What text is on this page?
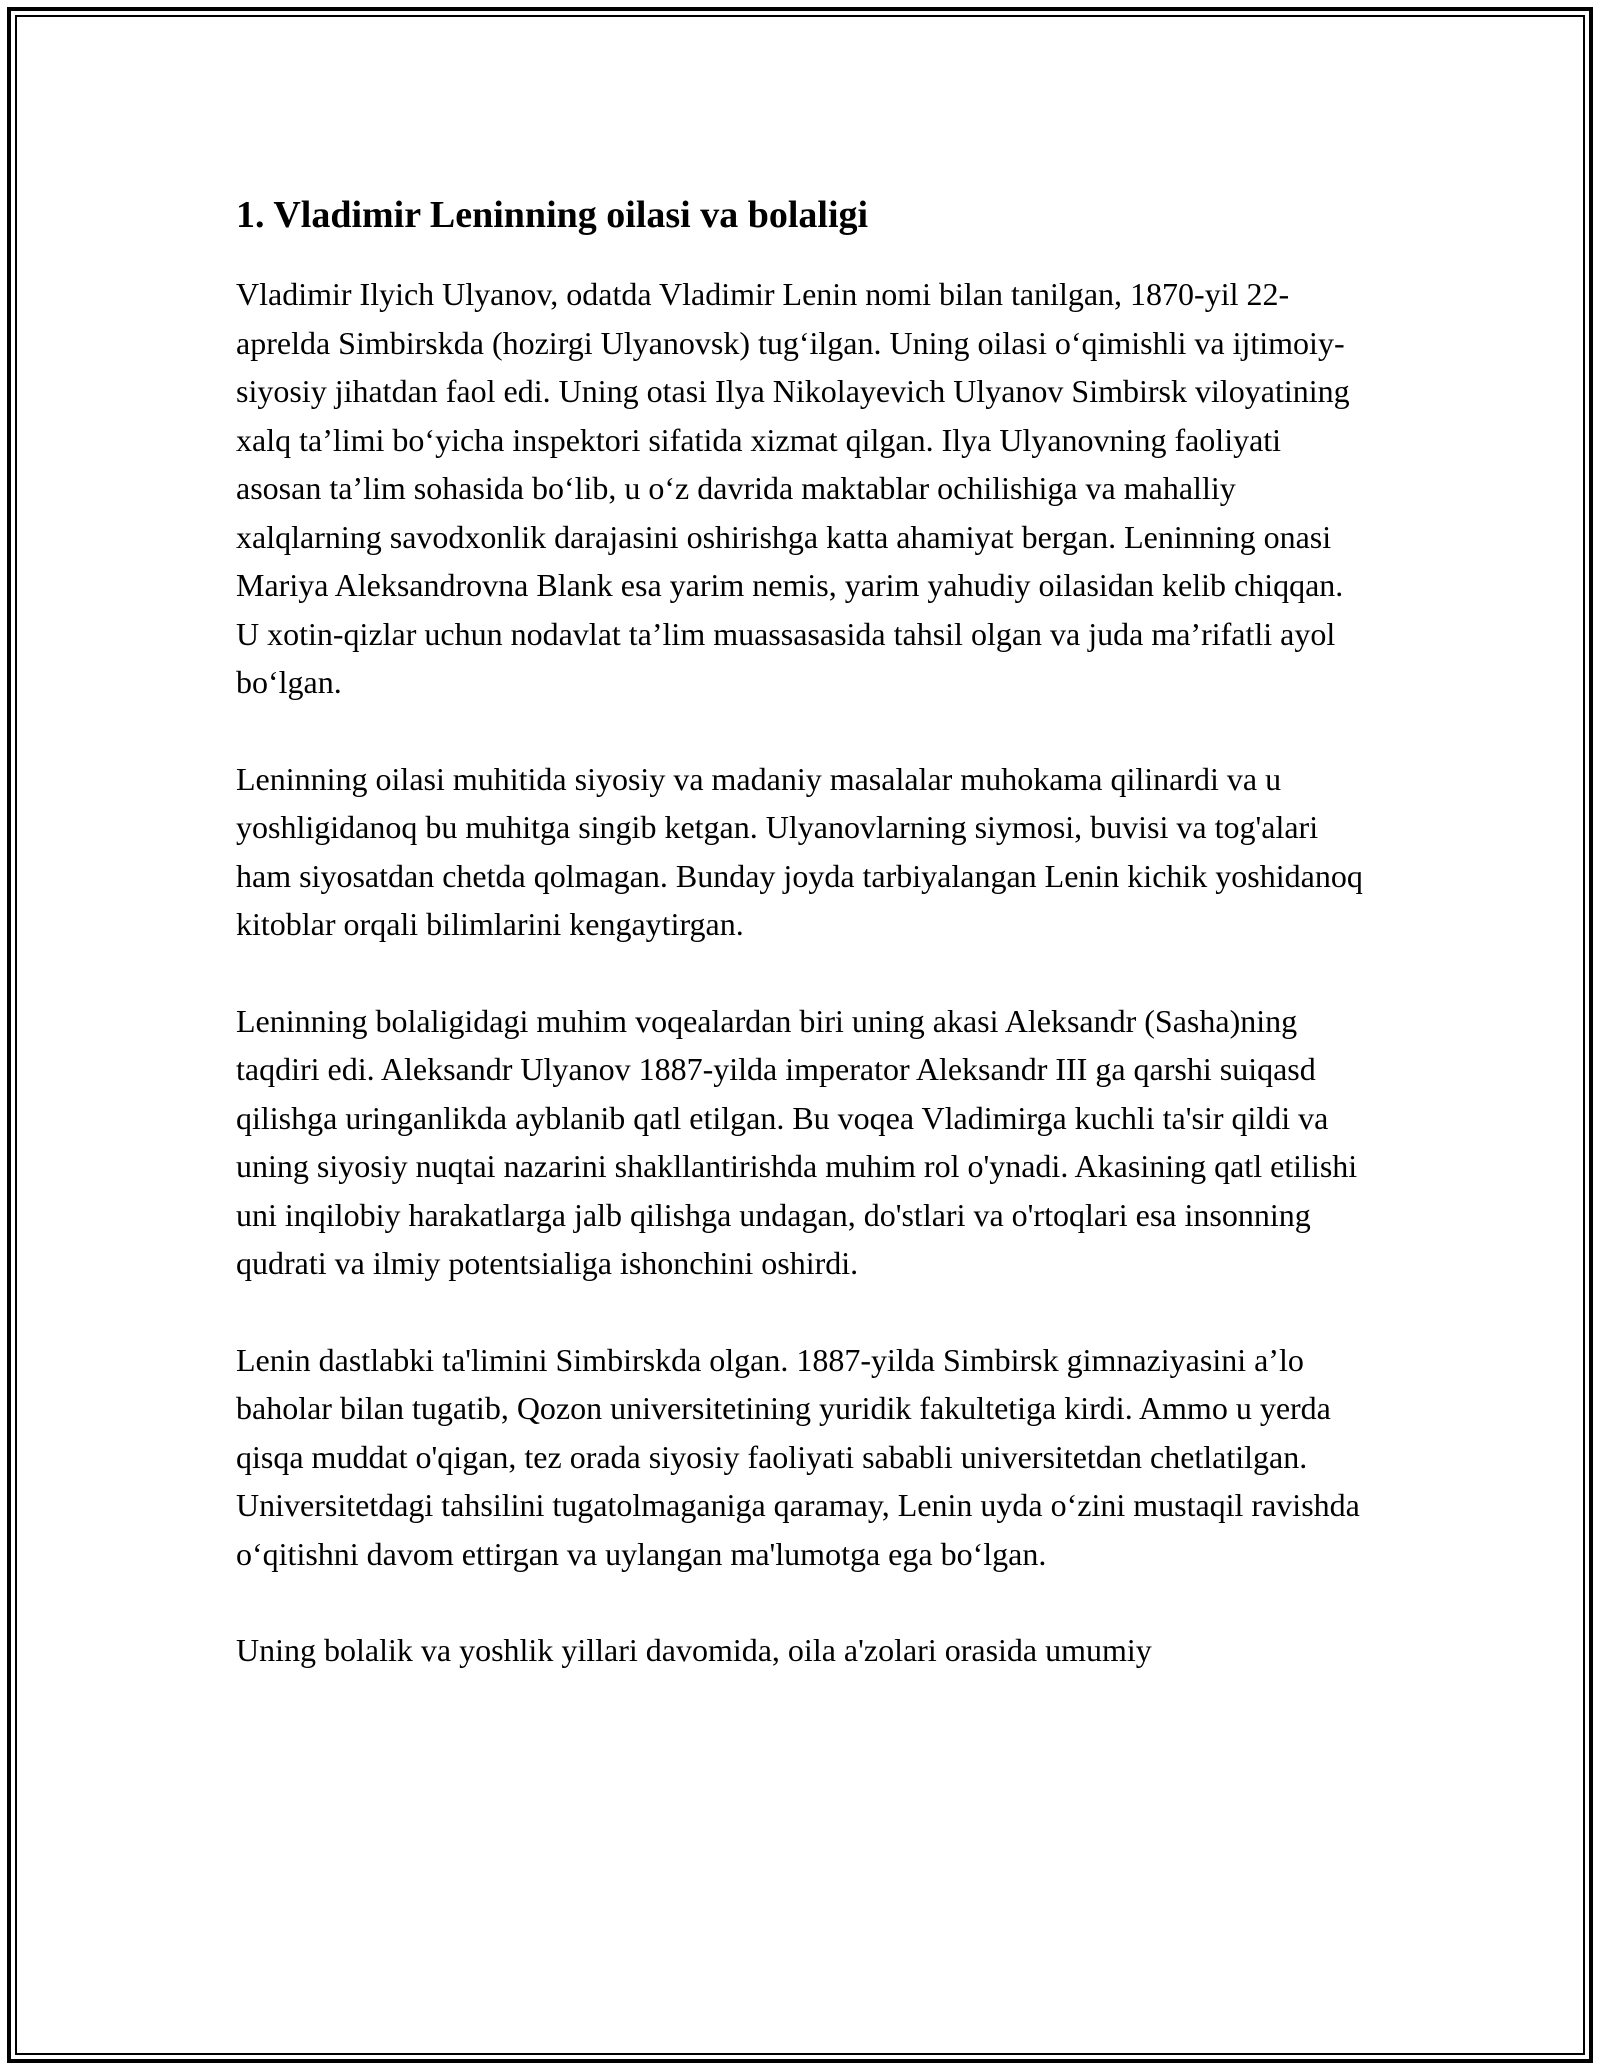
1. Vladimir Leninning oilasi va bolaligi

Vladimir Ilyich Ulyanov, odatda Vladimir Lenin nomi bilan tanilgan, 1870-yil 22-aprelda Simbirskda (hozirgi Ulyanovsk) tug‘ilgan. Uning oilasi o‘qimishli va ijtimoiy-siyosiy jihatdan faol edi. Uning otasi Ilya Nikolayevich Ulyanov Simbirsk viloyatining xalq ta’limi bo‘yicha inspektori sifatida xizmat qilgan. Ilya Ulyanovning faoliyati asosan ta’lim sohasida bo‘lib, u o‘z davrida maktablar ochilishiga va mahalliy xalqlarning savodxonlik darajasini oshirishga katta ahamiyat bergan. Leninning onasi Mariya Aleksandrovna Blank esa yarim nemis, yarim yahudiy oilasidan kelib chiqqan. U xotin-qizlar uchun nodavlat ta’lim muassasasida tahsil olgan va juda ma’rifatli ayol bo‘lgan.

Leninning oilasi muhitida siyosiy va madaniy masalalar muhokama qilinardi va u yoshligidanoq bu muhitga singib ketgan. Ulyanovlarning siymosi, buvisi va tog'alari ham siyosatdan chetda qolmagan. Bunday joyda tarbiyalangan Lenin kichik yoshidanoq kitoblar orqali bilimlarini kengaytirgan.

Leninning bolaligidagi muhim voqealardan biri uning akasi Aleksandr (Sasha)ning taqdiri edi. Aleksandr Ulyanov 1887-yilda imperator Aleksandr III ga qarshi suiqasd qilishga uringanlikda ayblanib qatl etilgan. Bu voqea Vladimirga kuchli ta'sir qildi va uning siyosiy nuqtai nazarini shakllantirishda muhim rol o'ynadi. Akasining qatl etilishi uni inqilobiy harakatlarga jalb qilishga undagan, do'stlari va o'rtoqlari esa insonning qudrati va ilmiy potentsialiga ishonchini oshirdi.

Lenin dastlabki ta'limini Simbirskda olgan. 1887-yilda Simbirsk gimnaziyasini a’lo baholar bilan tugatib, Qozon universitetining yuridik fakultetiga kirdi. Ammo u yerda qisqa muddat o'qigan, tez orada siyosiy faoliyati sababli universitetdan chetlatilgan. Universitetdagi tahsilini tugatolmaganiga qaramay, Lenin uyda o‘zini mustaqil ravishda o‘qitishni davom ettirgan va uylangan ma'lumotga ega bo‘lgan.

Uning bolalik va yoshlik yillari davomida, oila a'zolari orasida umumiy
